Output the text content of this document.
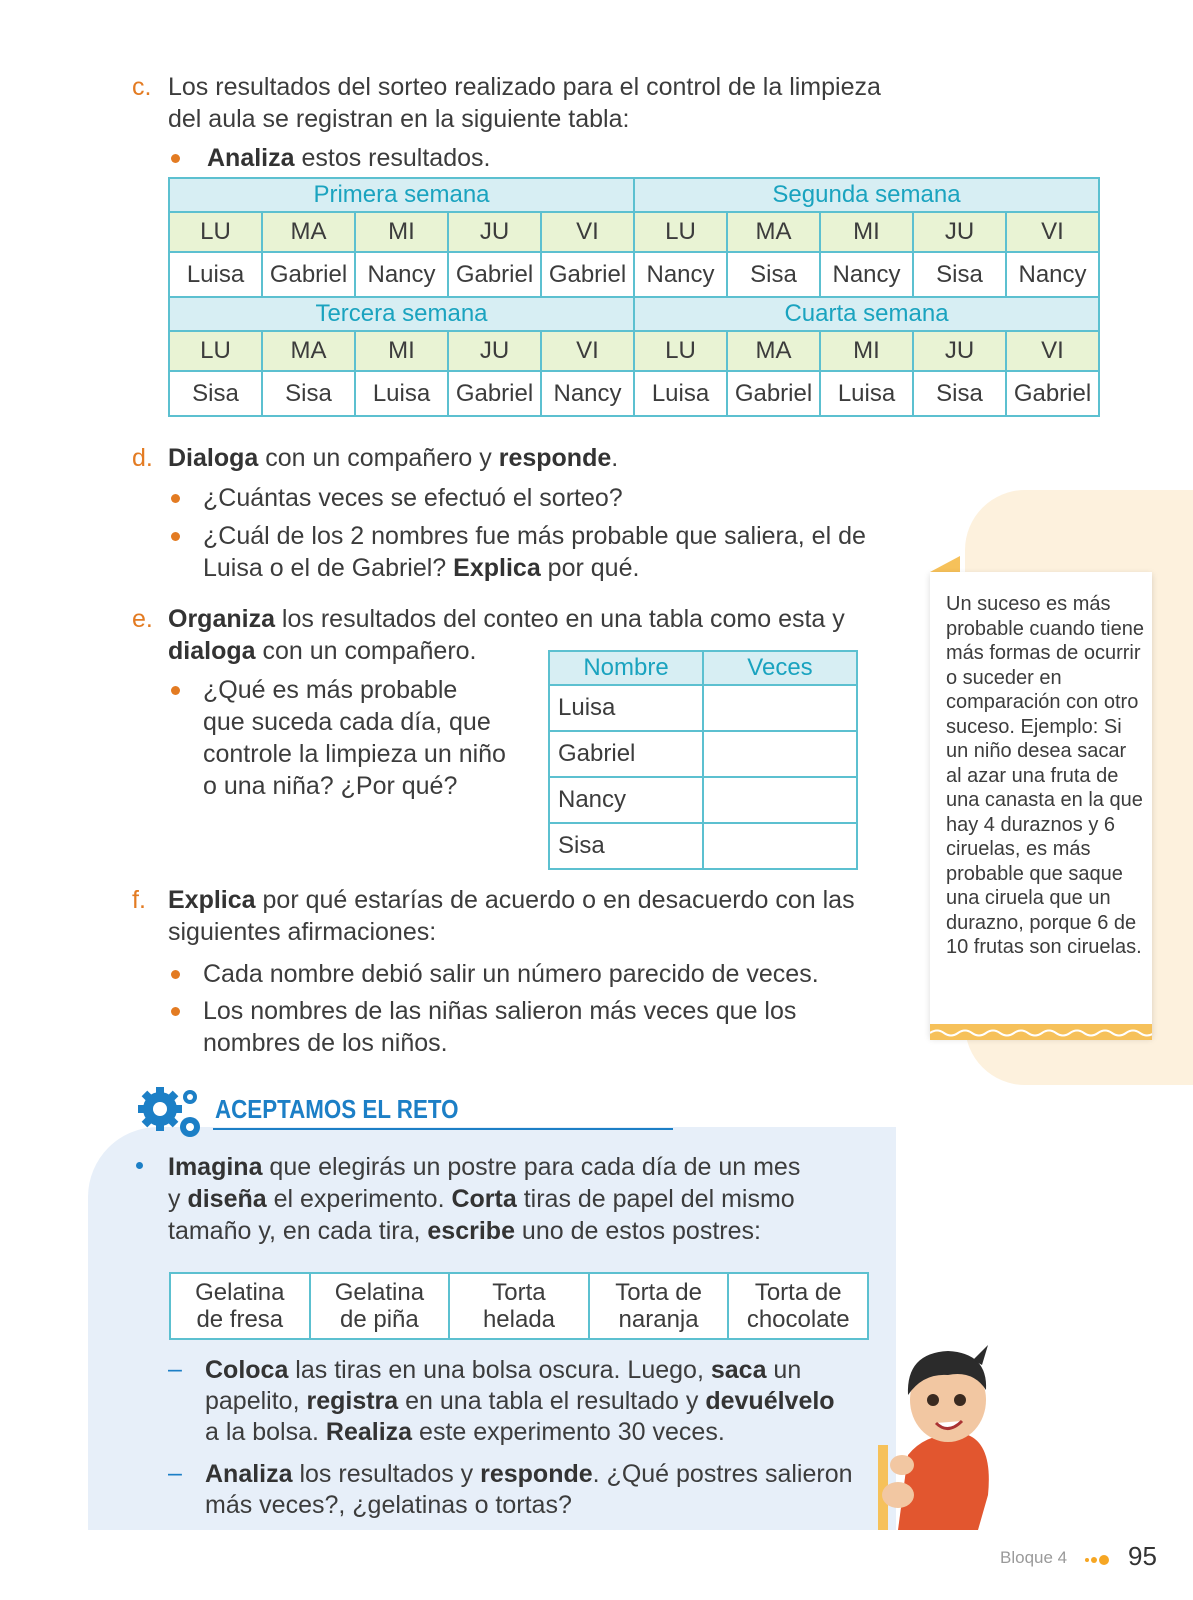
c. Los resultados del sorteo realizado para el control de la limpieza
del aula se registran en la siguiente tabla:
Analiza estos resultados.
Primera semana					Segunda semana				
LU	MA	MI	JU	VI	LU	MA	MI	JU	VI
Luisa	Gabriel	Nancy	Gabriel	Gabriel	Nancy	Sisa	Nancy	Sisa	Nancy
Tercera semana					Cuarta semana				
LU	MA	MI	JU	VI	LU	MA	MI	JU	VI
Sisa	Sisa	Luisa	Gabriel	Nancy	Luisa	Gabriel	Luisa	Sisa	Gabriel
d. Dialoga con un compañero y responde.
¿Cuántas veces se efectuó el sorteo?
¿Cuál de los 2 nombres fue más probable que saliera, el de
Luisa o el de Gabriel? Explica por qué.
e. Organiza los resultados del conteo en una tabla como esta y
dialoga con un compañero.
¿Qué es más probable
que suceda cada día, que
controle la limpieza un niño
o una niña? ¿Por qué?
Nombre	Veces
Luisa	
Gabriel	
Nancy	
Sisa	
f. Explica por qué estarías de acuerdo o en desacuerdo con las
siguientes afirmaciones:
Cada nombre debió salir un número parecido de veces.
Los nombres de las niñas salieron más veces que los
nombres de los niños.
Un suceso es más probable cuando tiene más formas de ocurrir o suceder en comparación con otro suceso. Ejemplo: Si un niño desea sacar al azar una fruta de una canasta en la que hay 4 duraznos y 6 ciruelas, es más probable que saque una ciruela que un durazno, porque 6 de 10 frutas son ciruelas.
ACEPTAMOS EL RETO
Imagina que elegirás un postre para cada día de un mes
y diseña el experimento. Corta tiras de papel del mismo
tamaño y, en cada tira, escribe uno de estos postres:
Gelatina
de fresa

Gelatina
de piña

Torta
helada

Torta de
naranja

Torta de
chocolate
– Coloca las tiras en una bolsa oscura. Luego, saca un
papelito, registra en una tabla el resultado y devuélvelo
a la bolsa. Realiza este experimento 30 veces.
– Analiza los resultados y responde. ¿Qué postres salieron
más veces?, ¿gelatinas o tortas?
Bloque 4 95
